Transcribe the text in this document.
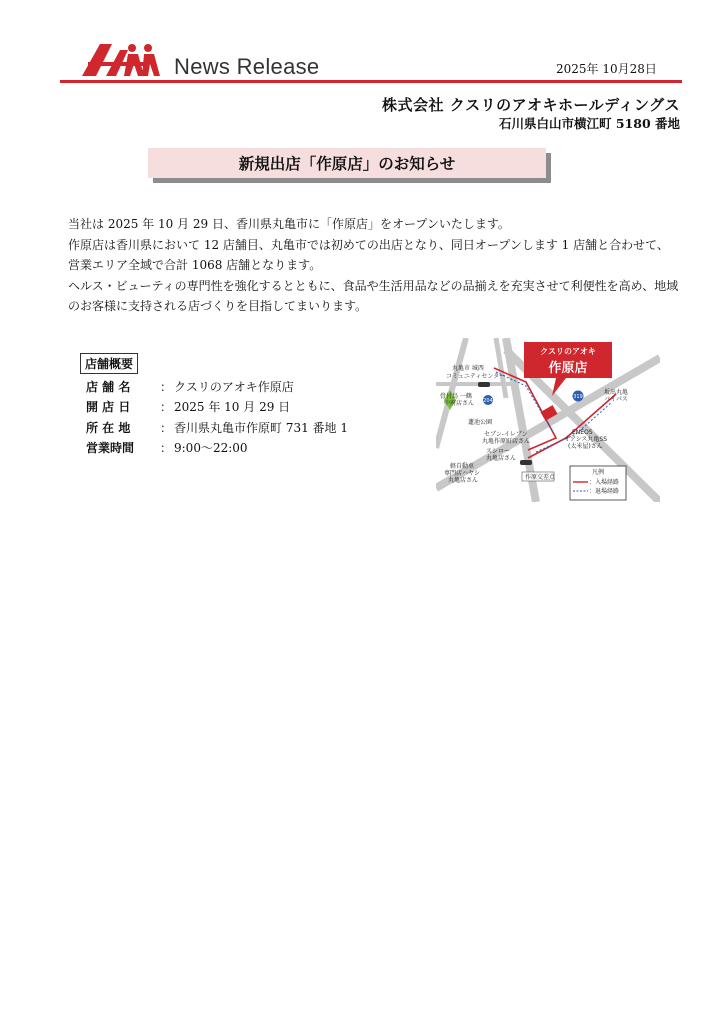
News Release	2025年 10月28日
株式会社 クスリのアオキホールディングス
石川県白山市横江町 5180 番地
新規出店「作原店」のお知らせ

当社は 2025 年 10 月 29 日、香川県丸亀市に「作原店」をオープンいたします。

作原店は香川県において 12 店舗目、丸亀市では初めての出店となり、同日オープンします 1 店舗と合わせて、

営業エリア全域で合計 1068 店舗となります。

ヘルス・ビューティの専門性を強化するとともに、食品や生活用品などの品揃えを充実させて利便性を高め、地域

のお客様に支持される店づくりを目指してまいります。

店舗概要
店 舗 名	：	クスリのアオキ作原店
開 店 日	：	2025 年 10 月 29 日
所 在 地	：	香川県丸亀市作原町 731 番地 1
営業時間	：	9:00〜22:00
204
319
クスリのアオキ
作原店
丸亀市 城西
コミュニティセンター
骨付鳥 一鶴
中府店さん
蓮池公園
セブン-イレブン
丸亀作原町店さん
スシロー
丸亀店さん
軽自動車
専門店ハヤシ
丸亀店さん	作原交差点
坂出丸亀
バイパス
ENEOS
オアシス丸亀SS
(太米屋)さん
凡例
：入場経路
：退場経路
